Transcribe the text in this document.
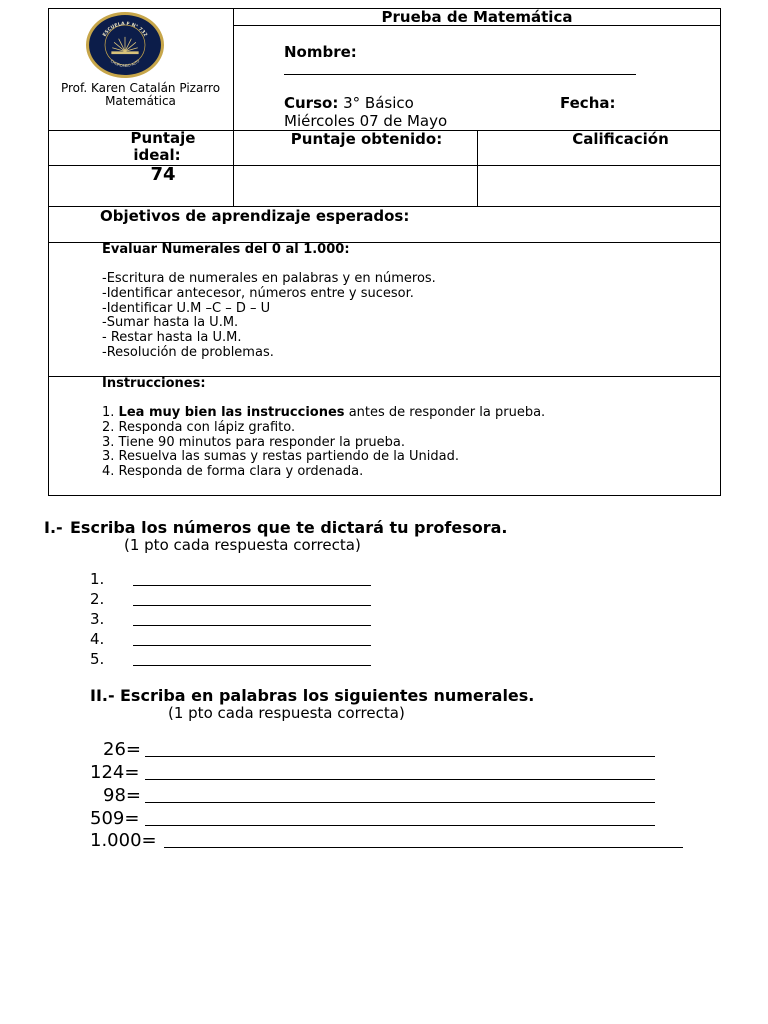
ESCUELA F N° 732
CHOROMBO ALTO
Prof. Karen Catalán Pizarro
Matemática
Prueba de Matemática
Nombre:
Curso: 3° Básico	Fecha:
Miércoles 07 de Mayo
Puntaje
ideal:
Puntaje obtenido:	Calificación
74
Objetivos de aprendizaje esperados:
Evaluar Numerales del 0 al 1.000:
-Escritura de numerales en palabras y en números.
-Identificar antecesor, números entre y sucesor.
-Identificar U.M –C – D – U
-Sumar hasta la U.M.
- Restar hasta la U.M.
-Resolución de problemas.
Instrucciones:
1. Lea muy bien las instrucciones antes de responder la prueba.
2. Responda con lápiz grafito.
3. Tiene 90 minutos para responder la prueba.
3. Resuelva las sumas y restas partiendo de la Unidad.
4. Responda de forma clara y ordenada.
I.- Escriba los números que te dictará tu profesora.
(1 pto cada respuesta correcta)
1.
2.
3.
4.
5.
II.- Escriba en palabras los siguientes numerales.
(1 pto cada respuesta correcta)
26=
124=
98=
509=
1.000=
